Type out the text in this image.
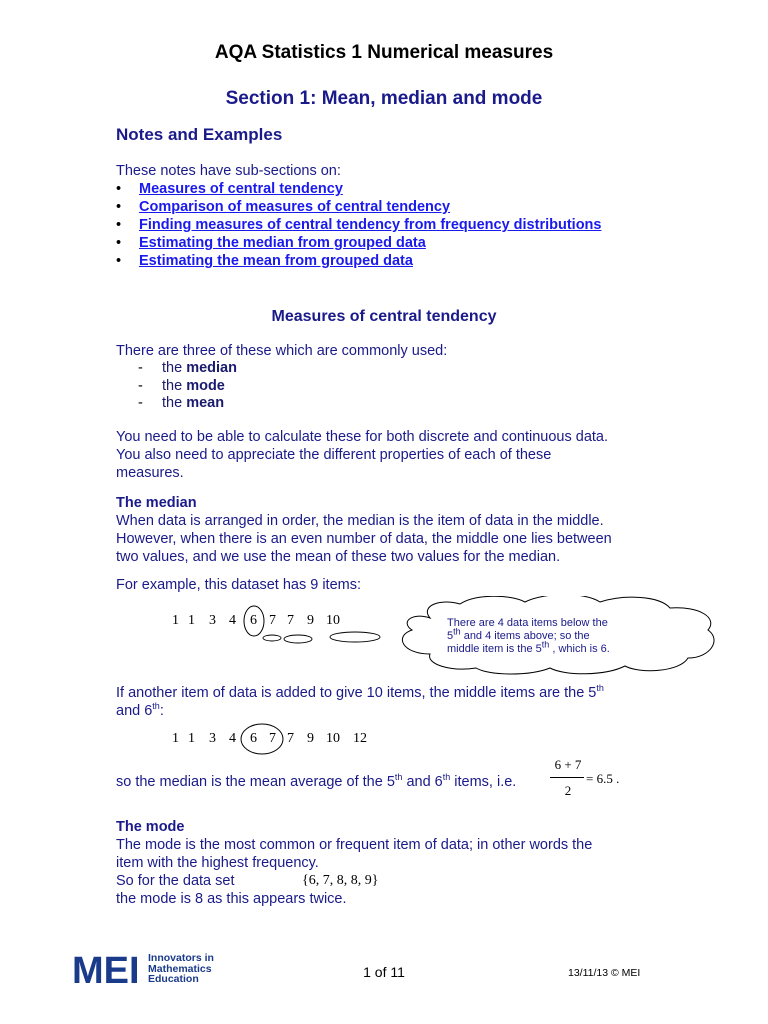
AQA Statistics 1 Numerical measures
Section 1: Mean, median and mode
Notes and Examples
These notes have sub-sections on:
• Measures of central tendency
• Comparison of measures of central tendency
• Finding measures of central tendency from frequency distributions
• Estimating the median from grouped data
• Estimating the mean from grouped data
Measures of central tendency
There are three of these which are commonly used:
- the median
- the mode
- the mean
You need to be able to calculate these for both discrete and continuous data.
You also need to appreciate the different properties of each of these
measures.
The median
When data is arranged in order, the median is the item of data in the middle.
However, when there is an even number of data, the middle one lies between
two values, and we use the mean of these two values for the median.
For example, this dataset has 9 items:
1 1 3 4 6 7 7 9 10	There are 4 data items below the
5th and 4 items above; so the
middle item is the 5th , which is 6.
If another item of data is added to give 10 items, the middle items are the 5th
and 6th:
1 1 3 4 6 7 7 9 10 12
so the median is the mean average of the 5th and 6th items, i.e.
6 + 7
2
= 6.5 .
The mode
The mode is the most common or frequent item of data; in other words the
item with the highest frequency.
So for the data set	{6, 7, 8, 8, 9}
the mode is 8 as this appears twice.
MEI Innovators in
Mathematics
Education	1 of 11	13/11/13 © MEI
